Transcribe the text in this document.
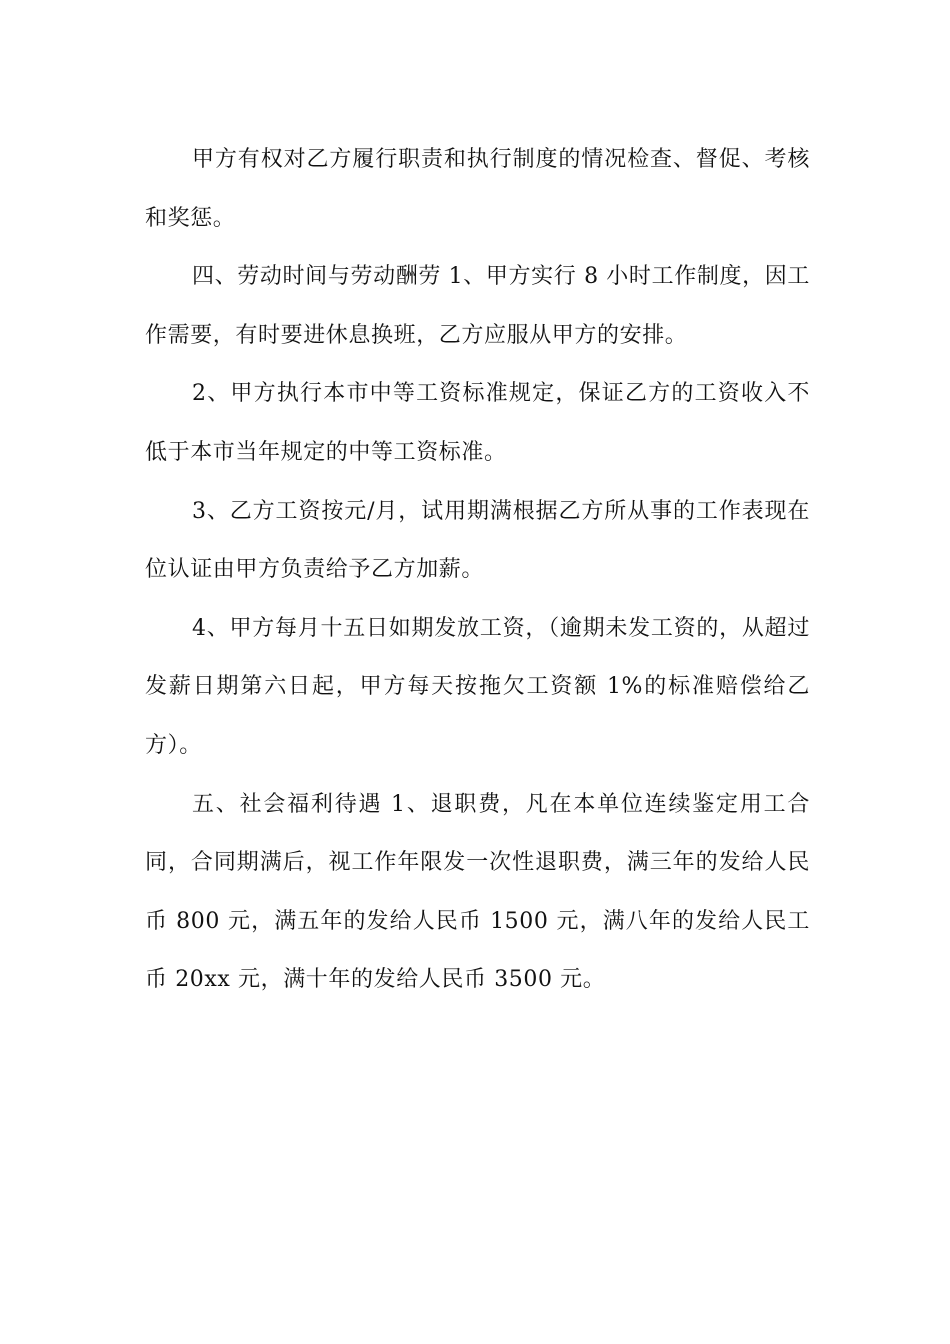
甲方有权对乙方履行职责和执行制度的情况检查、督促、考核和奖惩。

四、劳动时间与劳动酬劳 1、甲方实行 8 小时工作制度，因工作需要，有时要进休息换班，乙方应服从甲方的安排。

2、甲方执行本市中等工资标准规定，保证乙方的工资收入不低于本市当年规定的中等工资标准。

3、乙方工资按元/月，试用期满根据乙方所从事的工作表现在位认证由甲方负责给予乙方加薪。

4、甲方每月十五日如期发放工资，（逾期未发工资的，从超过发薪日期第六日起，甲方每天按拖欠工资额 1%的标准赔偿给乙方）。

五、社会福利待遇 1、退职费，凡在本单位连续鉴定用工合同，合同期满后，视工作年限发一次性退职费，满三年的发给人民币 800 元，满五年的发给人民币 1500 元，满八年的发给人民工币 20xx 元，满十年的发给人民币 3500 元。
